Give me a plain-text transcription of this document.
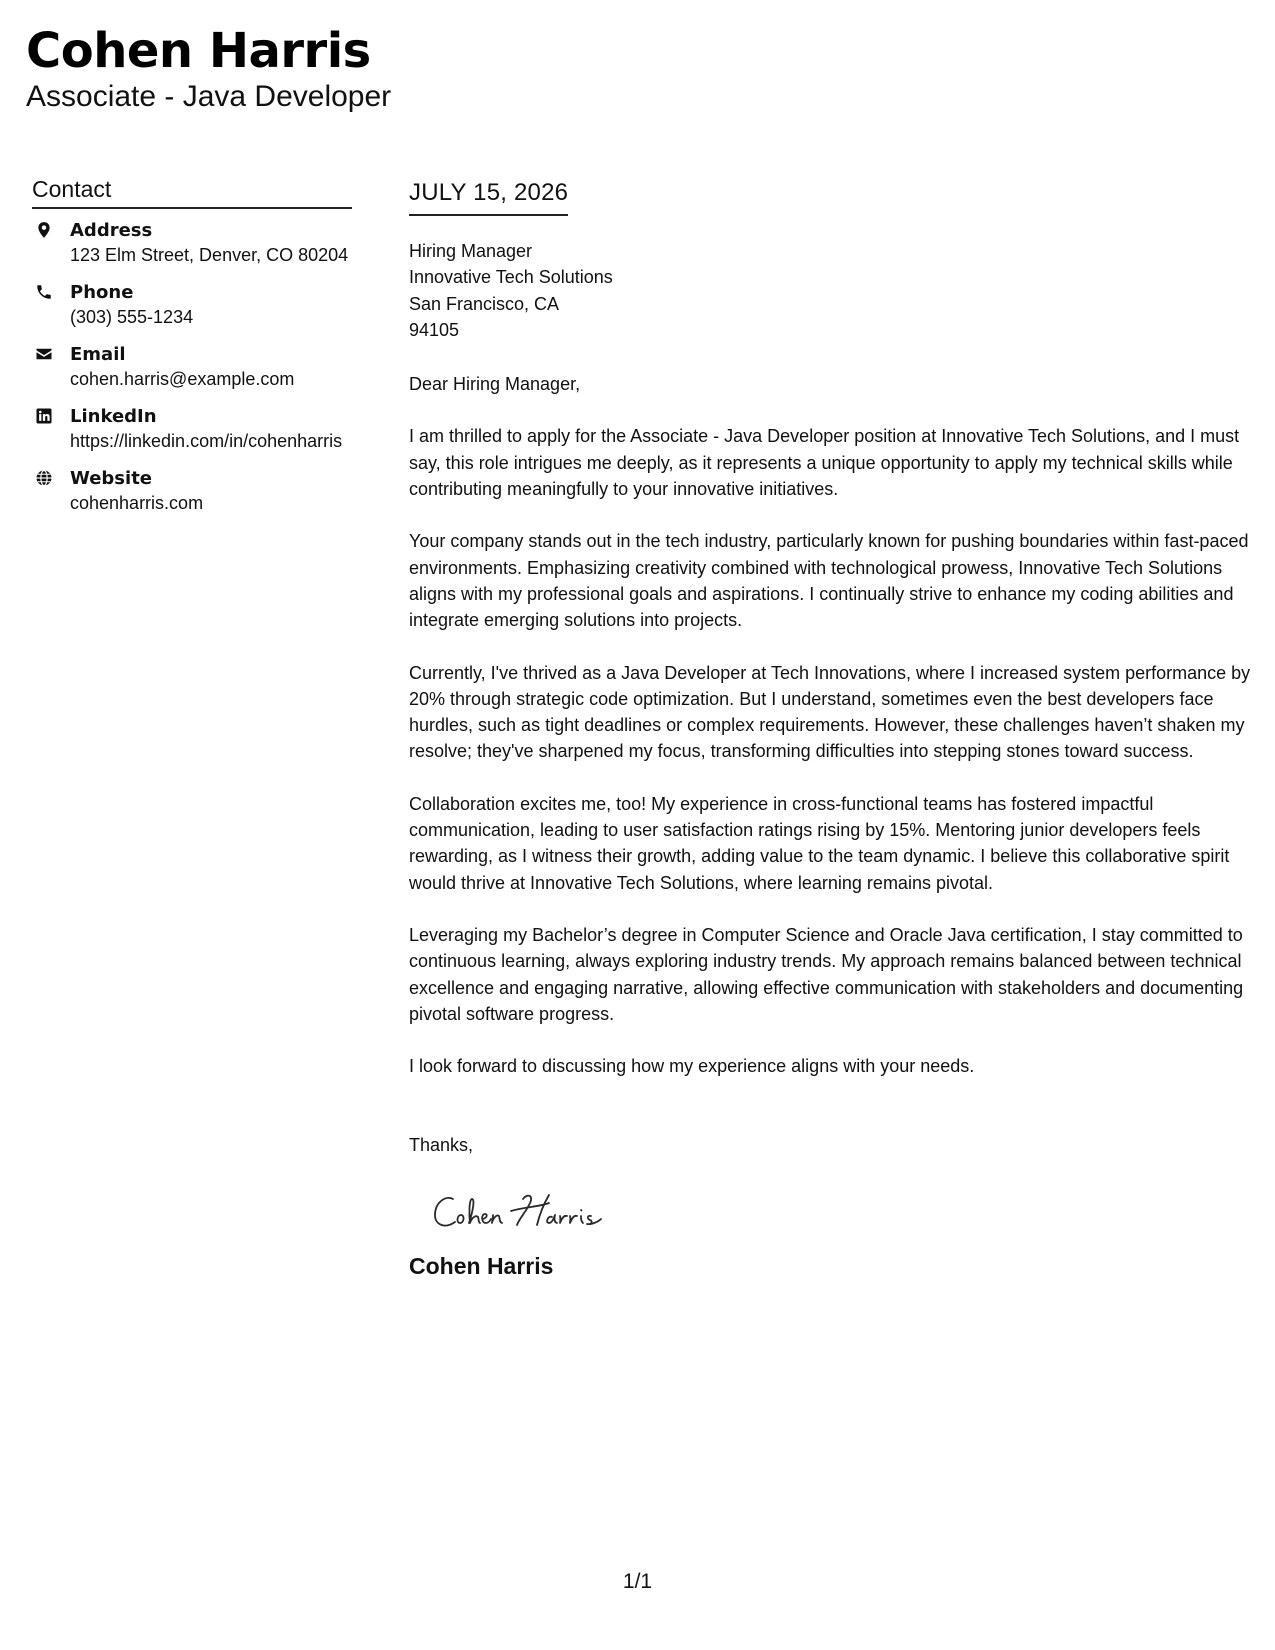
Cohen Harris
Associate - Java Developer
Contact
Address
123 Elm Street, Denver, CO 80204
Phone
(303) 555-1234
Email
cohen.harris@example.com
LinkedIn
https://linkedin.com/in/cohenharris
Website
cohenharris.com
JULY 15, 2026
Hiring Manager
Innovative Tech Solutions
San Francisco, CA
94105
Dear Hiring Manager,

I am thrilled to apply for the Associate - Java Developer position at Innovative Tech Solutions, and I must say, this role intrigues me deeply, as it represents a unique opportunity to apply my technical skills while contributing meaningfully to your innovative initiatives.

Your company stands out in the tech industry, particularly known for pushing boundaries within fast-paced environments. Emphasizing creativity combined with technological prowess, Innovative Tech Solutions aligns with my professional goals and aspirations. I continually strive to enhance my coding abilities and integrate emerging solutions into projects.

Currently, I've thrived as a Java Developer at Tech Innovations, where I increased system performance by 20% through strategic code optimization. But I understand, sometimes even the best developers face hurdles, such as tight deadlines or complex requirements. However, these challenges haven’t shaken my resolve; they've sharpened my focus, transforming difficulties into stepping stones toward success.

Collaboration excites me, too! My experience in cross-functional teams has fostered impactful communication, leading to user satisfaction ratings rising by 15%. Mentoring junior developers feels rewarding, as I witness their growth, adding value to the team dynamic. I believe this collaborative spirit would thrive at Innovative Tech Solutions, where learning remains pivotal.

Leveraging my Bachelor’s degree in Computer Science and Oracle Java certification, I stay committed to continuous learning, always exploring industry trends. My approach remains balanced between technical excellence and engaging narrative, allowing effective communication with stakeholders and documenting pivotal software progress.

I look forward to discussing how my experience aligns with your needs.

Thanks,
Cohen Harris
1/1
